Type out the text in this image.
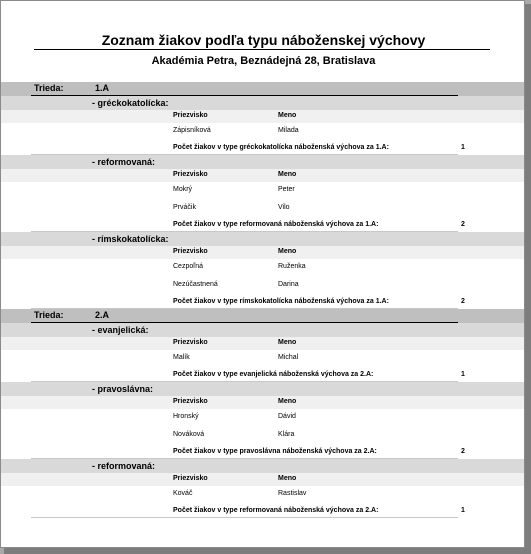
Zoznam žiakov podľa typu náboženskej výchovy
Akadémia Petra, Beznádejná 28, Bratislava
Trieda:	1.A
- gréckokatolícka:
Priezvisko	Meno
Zápisníková	Milada
Počet žiakov v type gréckokatolícka náboženská výchova za 1.A:	1
- reformovaná:
Priezvisko	Meno
Mokrý	Peter
Prváčik	Vilo
Počet žiakov v type reformovaná náboženská výchova za 1.A:	2
- rímskokatolícka:
Priezvisko	Meno
Cezpoľná	Ruženka
Nezúčastnená	Darina
Počet žiakov v type rímskokatolícka náboženská výchova za 1.A:	2
Trieda:	2.A
- evanjelická:
Priezvisko	Meno
Malík	Michal
Počet žiakov v type evanjelická náboženská výchova za 2.A:	1
- pravoslávna:
Priezvisko	Meno
Hronský	Dávid
Nováková	Klára
Počet žiakov v type pravoslávna náboženská výchova za 2.A:	2
- reformovaná:
Priezvisko	Meno
Kováč	Rastislav
Počet žiakov v type reformovaná náboženská výchova za 2.A:	1
